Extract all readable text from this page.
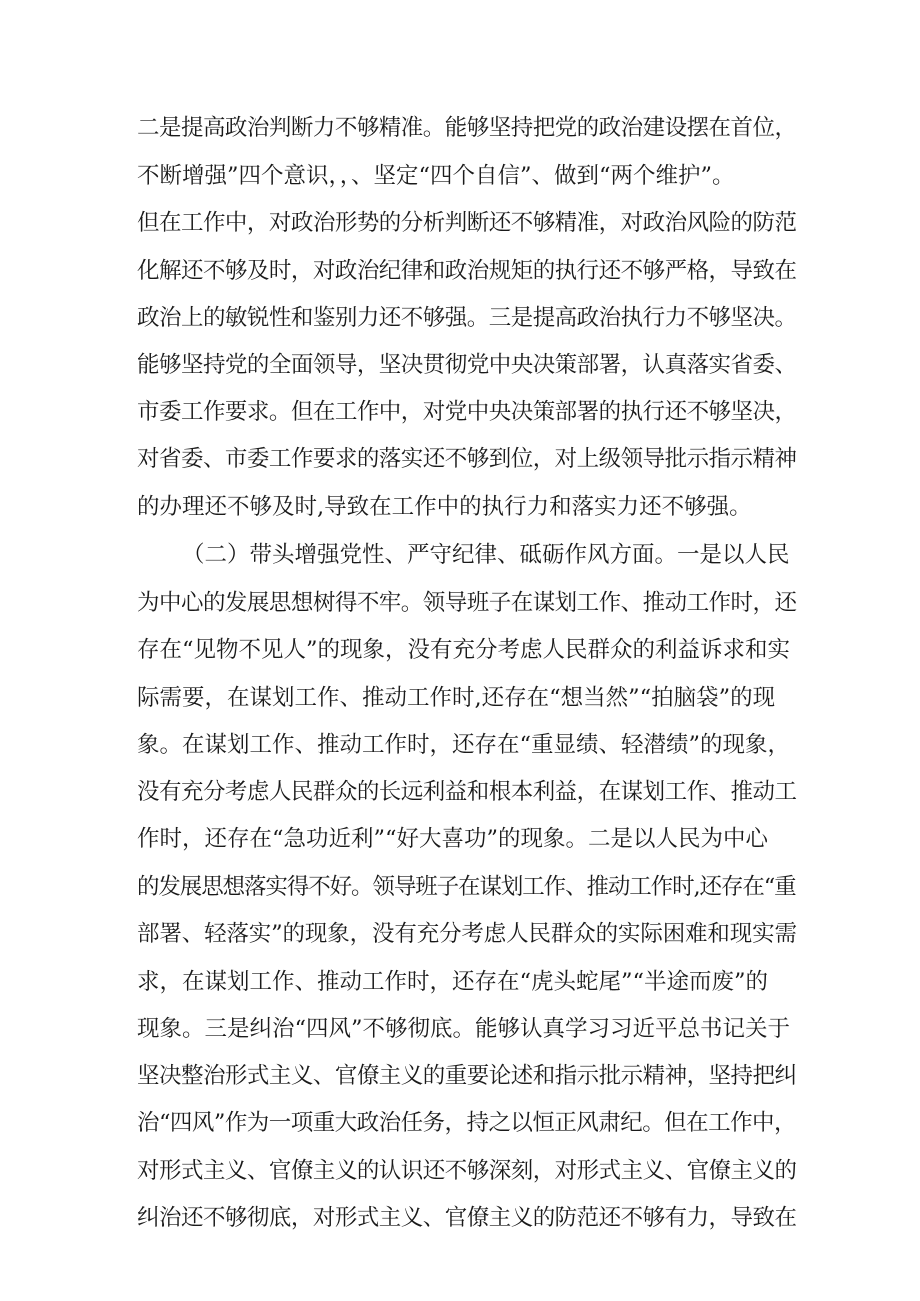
二是提高政治判断力不够精准。能够坚持把党的政治建设摆在首位，
不断增强”四个意识，，、坚定“四个自信”、做到“两个维护”。
但在工作中，对政治形势的分析判断还不够精准，对政治风险的防范
化解还不够及时，对政治纪律和政治规矩的执行还不够严格，导致在
政治上的敏锐性和鉴别力还不够强。三是提高政治执行力不够坚决。
能够坚持党的全面领导，坚决贯彻党中央决策部署，认真落实省委、
市委工作要求。但在工作中，对党中央决策部署的执行还不够坚决，
对省委、市委工作要求的落实还不够到位，对上级领导批示指示精神
的办理还不够及时,导致在工作中的执行力和落实力还不够强。
（二）带头增强党性、严守纪律、砥砺作风方面。一是以人民
为中心的发展思想树得不牢。领导班子在谋划工作、推动工作时，还
存在“见物不见人”的现象，没有充分考虑人民群众的利益诉求和实
际需要，在谋划工作、推动工作时,还存在“想当然”“拍脑袋”的现
象。在谋划工作、推动工作时，还存在“重显绩、轻潜绩”的现象，
没有充分考虑人民群众的长远利益和根本利益，在谋划工作、推动工
作时，还存在“急功近利”“好大喜功”的现象。二是以人民为中心
的发展思想落实得不好。领导班子在谋划工作、推动工作时,还存在“重
部署、轻落实”的现象，没有充分考虑人民群众的实际困难和现实需
求，在谋划工作、推动工作时，还存在“虎头蛇尾”“半途而废”的
现象。三是纠治“四风”不够彻底。能够认真学习习近平总书记关于
坚决整治形式主义、官僚主义的重要论述和指示批示精神，坚持把纠
治“四风”作为一项重大政治任务，持之以恒正风肃纪。但在工作中，
对形式主义、官僚主义的认识还不够深刻，对形式主义、官僚主义的
纠治还不够彻底，对形式主义、官僚主义的防范还不够有力，导致在
